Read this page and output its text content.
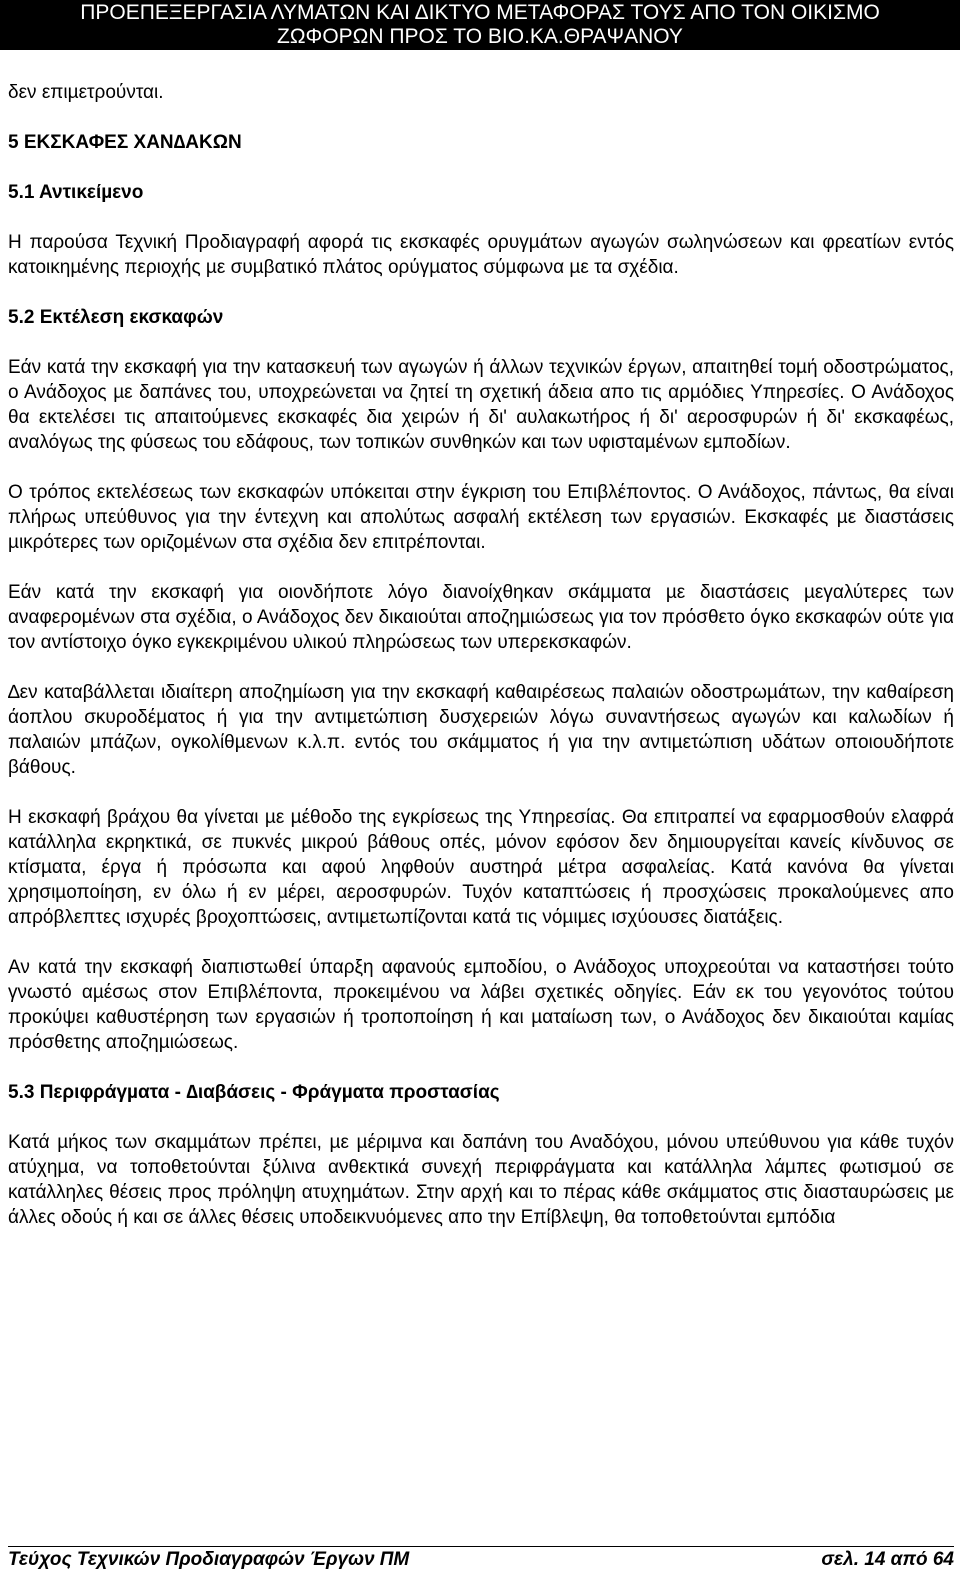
ΠΡΟΕΠΕΞΕΡΓΑΣΙΑ ΛΥΜΑΤΩΝ ΚΑΙ ΔΙΚΤΥΟ ΜΕΤΑΦΟΡΑΣ ΤΟΥΣ ΑΠΟ ΤΟΝ ΟΙΚΙΣΜΟ
ΖΩΦΟΡΩΝ ΠΡΟΣ ΤΟ ΒΙΟ.ΚΑ.ΘΡΑΨΑΝΟΥ

δεν επιµετρούνται.

5 ΕΚΣΚΑΦΕΣ ΧΑΝ∆ΑΚΩΝ

5.1 Αντικείµενο

Η παρούσα Τεχνική Προδιαγραφή αφορά τις εκσκαφές ορυγµάτων αγωγών σωληνώσεων και φρεατίων εντός κατοικηµένης περιοχής µε συµβατικό πλάτος ορύγµατος σύµφωνα µε τα σχέδια.

5.2 Εκτέλεση εκσκαφών

Εάν κατά την εκσκαφή για την κατασκευή των αγωγών ή άλλων τεχνικών έργων, απαιτηθεί τοµή οδοστρώµατος, ο Ανάδοχος µε δαπάνες του, υποχρεώνεται να ζητεί τη σχετική άδεια απο τις αρµόδιες Υπηρεσίες. Ο Ανάδοχος θα εκτελέσει τις απαιτούµενες εκσκαφές δια χειρών ή δι' αυλακωτήρος ή δι' αεροσφυρών ή δι' εκσκαφέως, αναλόγως της φύσεως του εδάφους, των τοπικών συνθηκών και των υφισταµένων εµποδίων.

Ο τρόπος εκτελέσεως των εκσκαφών υπόκειται στην έγκριση του Επιβλέποντος. Ο Ανάδοχος, πάντως, θα είναι πλήρως υπεύθυνος για την έντεχνη και απολύτως ασφαλή εκτέλεση των εργασιών. Εκσκαφές µε διαστάσεις µικρότερες των οριζοµένων στα σχέδια δεν επιτρέπονται.

Εάν κατά την εκσκαφή για οιονδήποτε λόγο διανοίχθηκαν σκάµµατα µε διαστάσεις µεγαλύτερες των αναφεροµένων στα σχέδια, ο Ανάδοχος δεν δικαιούται αποζηµιώσεως για τον πρόσθετο όγκο εκσκαφών ούτε για τον αντίστοιχο όγκο εγκεκριµένου υλικού πληρώσεως των υπερεκσκαφών.

∆εν καταβάλλεται ιδιαίτερη αποζηµίωση για την εκσκαφή καθαιρέσεως παλαιών οδοστρωµάτων, την καθαίρεση άοπλου σκυροδέµατος ή για την αντιµετώπιση δυσχερειών λόγω συναντήσεως αγωγών και καλωδίων ή παλαιών µπάζων, ογκολίθµενων κ.λ.π. εντός του σκάµµατος ή για την αντιµετώπιση υδάτων οποιουδήποτε βάθους.

Η εκσκαφή βράχου θα γίνεται µε µέθοδο της εγκρίσεως της Υπηρεσίας. Θα επιτραπεί να εφαρµοσθούν ελαφρά κατάλληλα εκρηκτικά, σε πυκνές µικρού βάθους οπές, µόνον εφόσον δεν δηµιουργείται κανείς κίνδυνος σε κτίσµατα, έργα ή πρόσωπα και αφού ληφθούν αυστηρά µέτρα ασφαλείας. Κατά κανόνα θα γίνεται χρησιµοποίηση, εν όλω ή εν µέρει, αεροσφυρών. Τυχόν καταπτώσεις ή προσχώσεις προκαλούµενες απο απρόβλεπτες ισχυρές βροχοπτώσεις, αντιµετωπίζονται κατά τις νόµιµες ισχύουσες διατάξεις.

Αν κατά την εκσκαφή διαπιστωθεί ύπαρξη αφανούς εµποδίου, ο Ανάδοχος υποχρεούται να καταστήσει τούτο γνωστό αµέσως στον Επιβλέποντα, προκειµένου να λάβει σχετικές οδηγίες. Εάν εκ του γεγονότος τούτου προκύψει καθυστέρηση των εργασιών ή τροποποίηση ή και µαταίωση των, ο Ανάδοχος δεν δικαιούται καµίας πρόσθετης αποζηµιώσεως.

5.3 Περιφράγµατα - ∆ιαβάσεις - Φράγµατα προστασίας

Κατά µήκος των σκαµµάτων πρέπει, µε µέριµνα και δαπάνη του Αναδόχου, µόνου υπεύθυνου για κάθε τυχόν ατύχηµα, να τοποθετούνται ξύλινα ανθεκτικά συνεχή περιφράγµατα και κατάλληλα λάµπες φωτισµού σε κατάλληλες θέσεις προς πρόληψη ατυχηµάτων. Στην αρχή και το πέρας κάθε σκάµµατος στις διασταυρώσεις µε άλλες οδούς ή και σε άλλες θέσεις υποδεικνυόµενες απο την Επίβλεψη, θα τοποθετούνται εµπόδια

Τεύχος Τεχνικών Προδιαγραφών Έργων ΠΜ	σελ. 14 από 64
